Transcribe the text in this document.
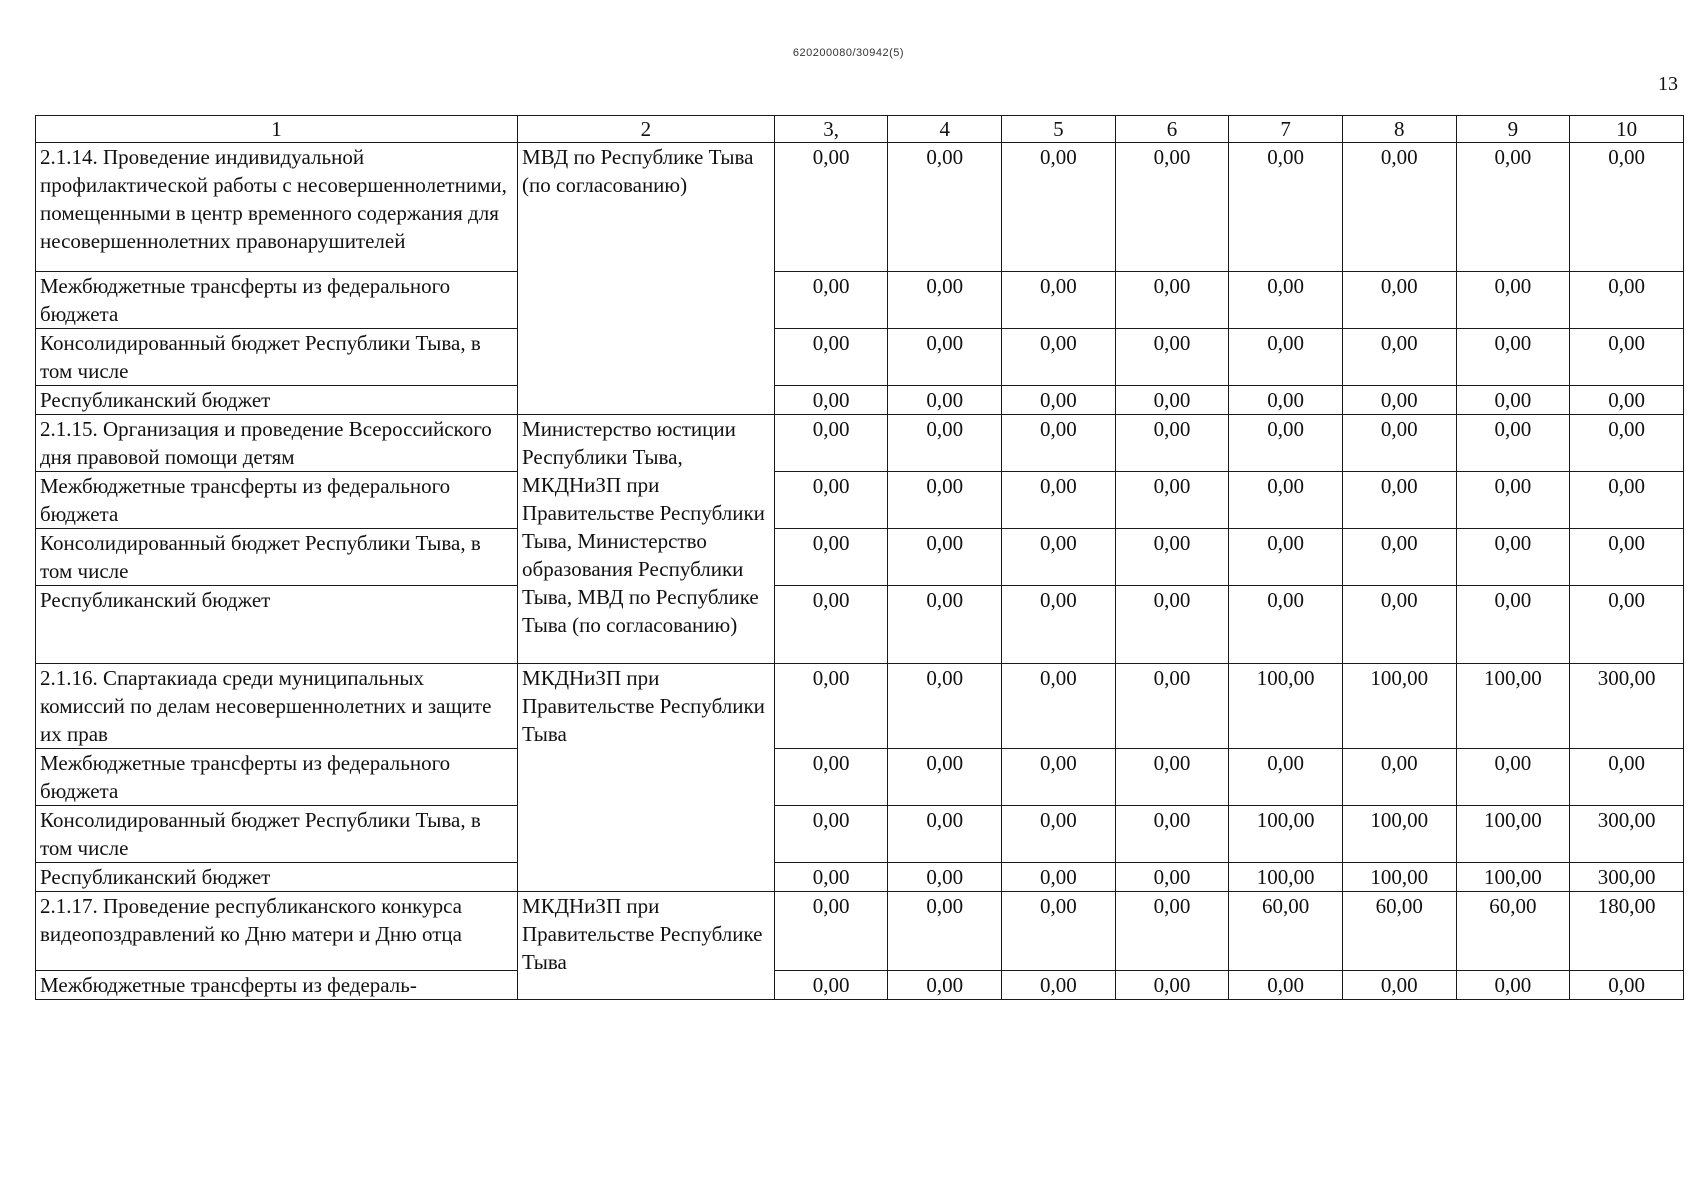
620200080/30942(5)
13
1	2	3,	4	5	6	7	8	9	10
2.1.14. Проведение индивидуальной профилактической работы с несовершеннолетними, помещенными в центр временного содержания для несовершеннолетних правонарушителей	МВД по Республике Тыва (по согласованию)	0,00	0,00	0,00	0,00	0,00	0,00	0,00	0,00
Межбюджетные трансферты из федерального бюджета		0,00	0,00	0,00	0,00	0,00	0,00	0,00	0,00
Консолидированный бюджет Республики Тыва, в том числе		0,00	0,00	0,00	0,00	0,00	0,00	0,00	0,00
Республиканский бюджет		0,00	0,00	0,00	0,00	0,00	0,00	0,00	0,00
2.1.15. Организация и проведение Всероссийского дня правовой помощи детям	Министерство юстиции Республики Тыва, МКДНиЗП при Правительстве Республики Тыва, Министерство образования Республики Тыва, МВД по Республике Тыва (по согласованию)	0,00	0,00	0,00	0,00	0,00	0,00	0,00	0,00
Межбюджетные трансферты из федерального бюджета		0,00	0,00	0,00	0,00	0,00	0,00	0,00	0,00
Консолидированный бюджет Республики Тыва, в том числе		0,00	0,00	0,00	0,00	0,00	0,00	0,00	0,00
Республиканский бюджет		0,00	0,00	0,00	0,00	0,00	0,00	0,00	0,00
2.1.16. Спартакиада среди муниципальных комиссий по делам несовершеннолетних и защите их прав	МКДНиЗП при Правительстве Республики Тыва	0,00	0,00	0,00	0,00	100,00	100,00	100,00	300,00
Межбюджетные трансферты из федерального бюджета		0,00	0,00	0,00	0,00	0,00	0,00	0,00	0,00
Консолидированный бюджет Республики Тыва, в том числе		0,00	0,00	0,00	0,00	100,00	100,00	100,00	300,00
Республиканский бюджет		0,00	0,00	0,00	0,00	100,00	100,00	100,00	300,00
2.1.17. Проведение республиканского конкурса видеопоздравлений ко Дню матери и Дню отца	МКДНиЗП при Правительстве Республике Тыва	0,00	0,00	0,00	0,00	60,00	60,00	60,00	180,00
Межбюджетные трансферты из федераль-		0,00	0,00	0,00	0,00	0,00	0,00	0,00	0,00
